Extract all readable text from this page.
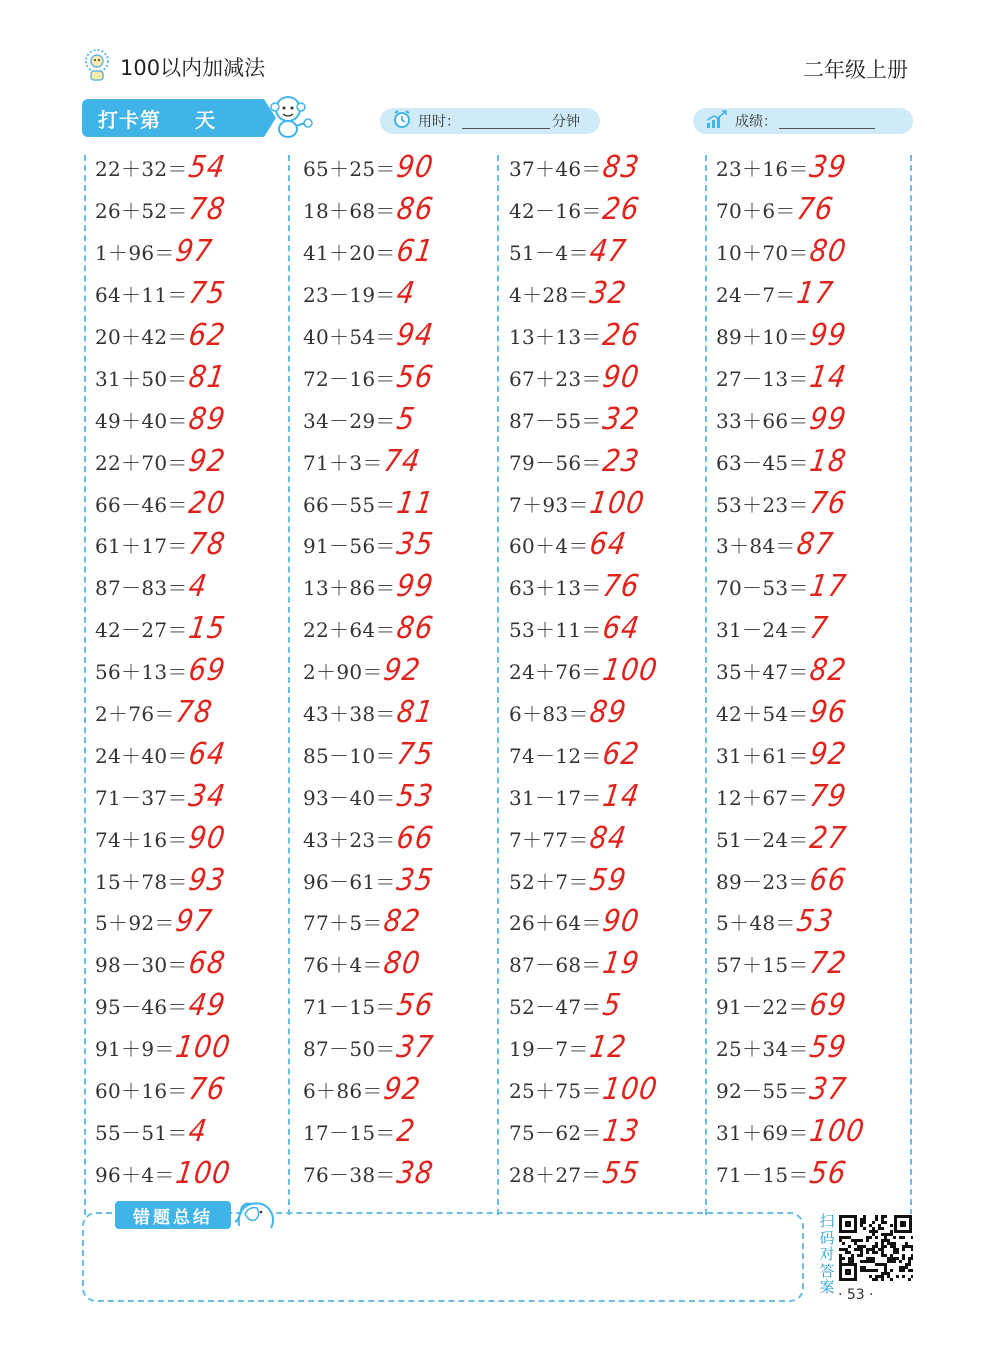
100以内加减法	二年级上册
打卡第 天	用时：	分钟	成绩：
22＋32＝
54
26＋52＝
78
1＋96＝
97
64＋11＝
75
20＋42＝
62
31＋50＝
81
49＋40＝
89
22＋70＝
92
66－46＝
20
61＋17＝
78
87－83＝
4
42－27＝
15
56＋13＝
69
2＋76＝
78
24＋40＝
64
71－37＝
34
74＋16＝
90
15＋78＝
93
5＋92＝
97
98－30＝
68
95－46＝
49
91＋9＝
100
60＋16＝
76
55－51＝
4
96＋4＝
100
65＋25＝
90
18＋68＝
86
41＋20＝
61
23－19＝
4
40＋54＝
94
72－16＝
56
34－29＝
5
71＋3＝
74
66－55＝
11
91－56＝
35
13＋86＝
99
22＋64＝
86
2＋90＝
92
43＋38＝
81
85－10＝
75
93－40＝
53
43＋23＝
66
96－61＝
35
77＋5＝
82
76＋4＝
80
71－15＝
56
87－50＝
37
6＋86＝
92
17－15＝
2
76－38＝
38
37＋46＝
83
42－16＝
26
51－4＝
47
4＋28＝
32
13＋13＝
26
67＋23＝
90
87－55＝
32
79－56＝
23
7＋93＝
100
60＋4＝
64
63＋13＝
76
53＋11＝
64
24＋76＝
100
6＋83＝
89
74－12＝
62
31－17＝
14
7＋77＝
84
52＋7＝
59
26＋64＝
90
87－68＝
19
52－47＝
5
19－7＝
12
25＋75＝
100
75－62＝
13
28＋27＝
55
23＋16＝
39
70＋6＝
76
10＋70＝
80
24－7＝
17
89＋10＝
99
27－13＝
14
33＋66＝
99
63－45＝
18
53＋23＝
76
3＋84＝
87
70－53＝
17
31－24＝
7
35＋47＝
82
42＋54＝
96
31＋61＝
92
12＋67＝
79
51－24＝
27
89－23＝
66
5＋48＝
53
57＋15＝
72
91－22＝
69
25＋34＝
59
92－55＝
37
31＋69＝
100
71－15＝
56
错题总结	扫码对答案 · 53 ·
